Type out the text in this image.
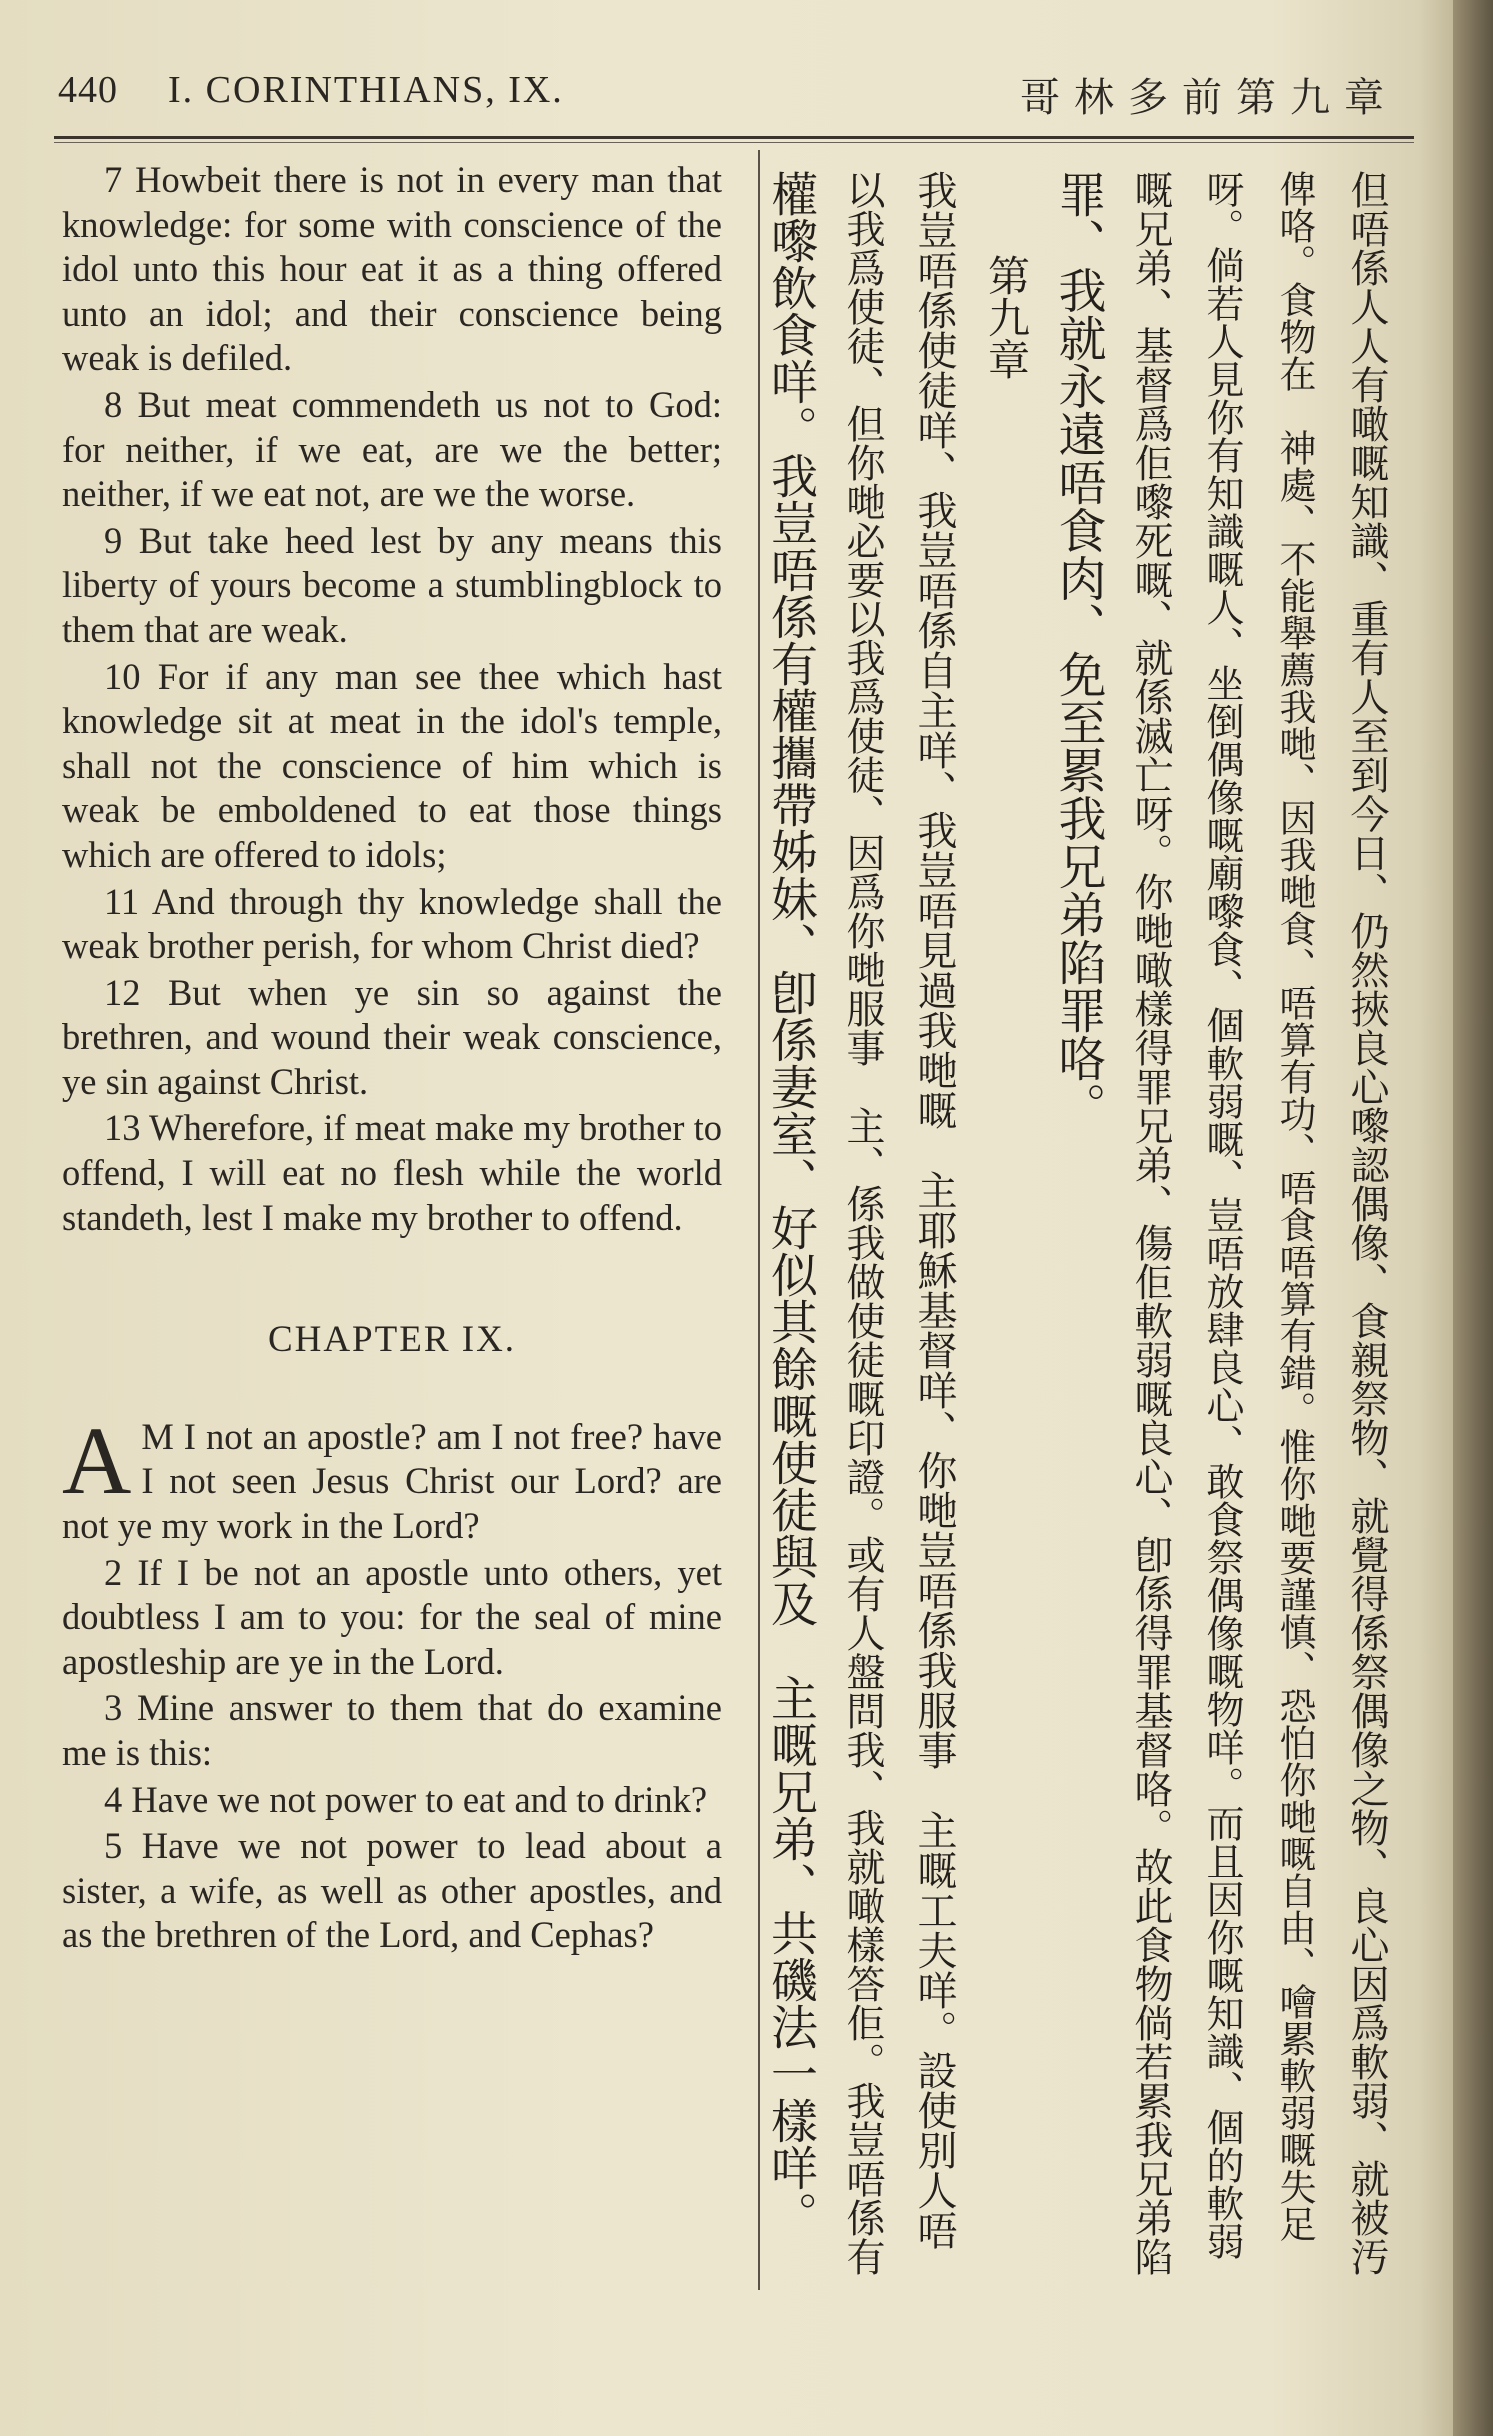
440 I. CORINTHIANS, IX.	哥林多前第九章

7 Howbeit there is not in every man that knowledge: for some with conscience of the idol unto this hour eat it as a thing offered unto an idol; and their conscience being weak is defiled.

8 But meat commendeth us not to God: for neither, if we eat, are we the better; neither, if we eat not, are we the worse.

9 But take heed lest by any means this liberty of yours become a stumblingblock to them that are weak.

10 For if any man see thee which hast knowledge sit at meat in the idol's temple, shall not the conscience of him which is weak be emboldened to eat those things which are offered to idols;

11 And through thy knowledge shall the weak brother perish, for whom Christ died?

12 But when ye sin so against the brethren, and wound their weak conscience, ye sin against Christ.

13 Wherefore, if meat make my brother to offend, I will eat no flesh while the world standeth, lest I make my brother to offend.

CHAPTER IX.

A M I not an apostle? am I not free? have I not seen Jesus Christ our Lord? are not ye my work in the Lord?

2 If I be not an apostle unto others, yet doubtless I am to you: for the seal of mine apostleship are ye in the Lord.

3 Mine answer to them that do examine me is this:

4 Have we not power to eat and to drink?

5 Have we not power to lead about a sister, a wife, as well as other apostles, and as the brethren of the Lord, and Cephas?	但唔係人人有噉嘅知識、重有人至到今日、仍然挾良心嚟認偶像、食親祭物、就覺得係祭偶像之物、良心因爲軟弱、就被汚
俾咯。食物在　神處、不能舉薦我哋、因我哋食、唔算有功、唔食唔算有錯。惟你哋要謹慎、恐怕你哋嘅自由、噲累軟弱嘅失足
呀。倘若人見你有知識嘅人、坐倒偶像嘅廟嚟食、個軟弱嘅、豈唔放肆良心、敢食祭偶像嘅物咩。而且因你嘅知識、個的軟弱
嘅兄弟、基督爲佢嚟死嘅、就係滅亡呀。你哋噉樣得罪兄弟、傷佢軟弱嘅良心、卽係得罪基督咯。故此食物倘若累我兄弟陷
罪、我就永遠唔食肉、免至累我兄弟陷罪咯。
　　第九章
我豈唔係使徒咩、我豈唔係自主咩、我豈唔見過我哋嘅　主耶穌基督咩、你哋豈唔係我服事　主嘅工夫咩。設使別人唔
以我爲使徒、但你哋必要以我爲使徒、因爲你哋服事　主、係我做使徒嘅印證。或有人盤問我、我就噉樣答佢。我豈唔係有
權嚟飲食咩。我豈唔係有權攜帶姊妹、卽係妻室、好似其餘嘅使徒與及　主嘅兄弟、共磯法一樣咩。
